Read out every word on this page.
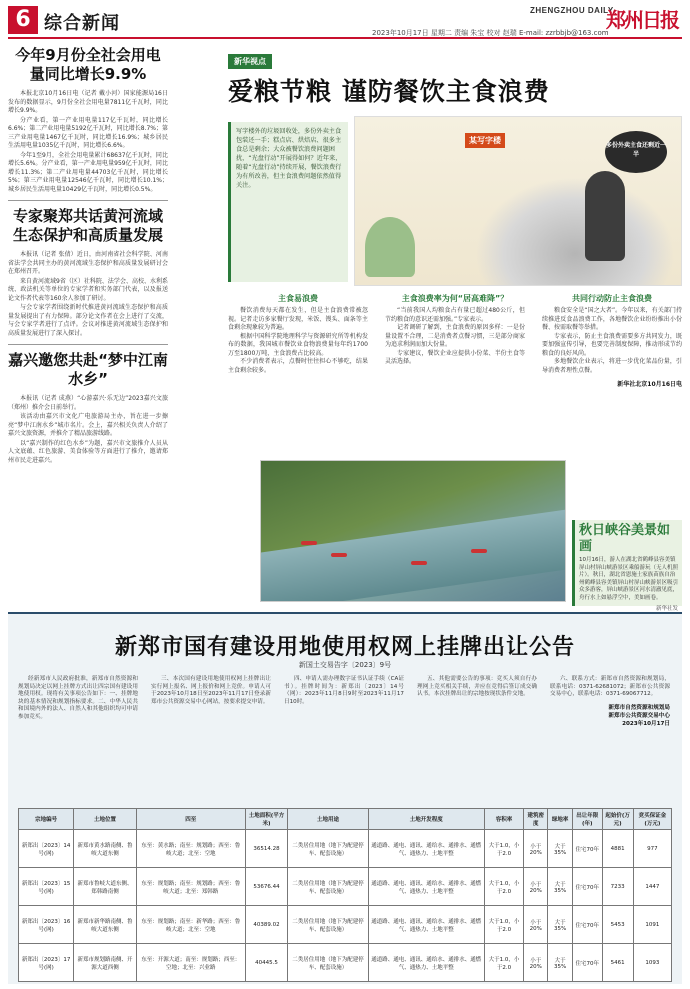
6 综合新闻	2023年10月17日 星期二 责编 朱宝 校对 赵瑞 E-mail: zzrbbjb@163.com
ZHENGZHOU DAILY
郑州日报
今年9月份全社会用电量同比增长9.9%

本报北京10月16日电（记者 戴小河）国家能源局16日发布的数据显示，9月份全社会用电量7811亿千瓦时，同比增长9.9%。

分产业看，第一产业用电量117亿千瓦时，同比增长6.6%；第二产业用电量5192亿千瓦时，同比增长8.7%；第三产业用电量1467亿千瓦时，同比增长16.9%；城乡居民生活用电量1035亿千瓦时，同比增长6.6%。

今年1至9月，全社会用电量累计68637亿千瓦时，同比增长5.6%。分产业看，第一产业用电量959亿千瓦时，同比增长11.3%；第二产业用电量44703亿千瓦时，同比增长5%；第三产业用电量12546亿千瓦时，同比增长10.1%；城乡居民生活用电量10429亿千瓦时，同比增长0.5%。

专家聚郑共话黄河流域生态保护和高质量发展

本报讯（记者 张倩）近日，由河南省社会科学院、河南省法学会共同主办的黄河流域生态保护和高质量发展研讨会在郑州召开。

来自黄河流域9省（区）社科院、法学会、高校、水利系统、政法机关等单位的专家学者和实务部门代表，以及报送论文作者代表等160余人参加了研讨。

与会专家学者围绕新时代推进黄河流域生态保护和高质量发展提出了有力保障。部分论文作者在会上进行了交流，与会专家学者进行了点评。会议对推进黄河流域生态保护和高质量发展进行了深入探讨。

嘉兴邀您共赴“梦中江南水乡”

本报讯（记者 成燕）“心游嘉兴·乐无边”2023嘉兴文旅（郑州）推介会日前举行。

该活动由嘉兴市文化广电旅游局主办，旨在进一步擦亮“梦中江南水乡”城市名片。会上，嘉兴相关负责人介绍了嘉兴文旅资源，并推介了精品旅游线路。

以“嘉兴制作的红色水乡”为题，嘉兴市文旅推介人员从人文底蕴、红色旅游、美食体验等方面进行了推介，邀请郑州市民走进嘉兴。

新华视点
爱粮节粮 谨防餐饮主食浪费
写字楼外的垃圾回收处，多份外卖主食包装还一手；糕点店、烘焙店、很多主食总是剩余；大众被餐饮浪费问题困扰，“光盘行动”开展得如何？近年来，随着“光盘行动”持续开展，餐饮浪费行为有所改善，但主食浪费问题依然值得关注。
某写字楼
多份外卖主食还剩近一半
主食易浪费

餐饮消费每天都在发生，但是主食浪费常被忽视。记者走访多家餐厅发现，米饭、馒头、面条等主食剩余现象较为普遍。

根据中国科学院地理科学与资源研究所等机构发布的数据，我国城市餐饮业食物浪费量每年约1700万至1800万吨，主食浪费占比较高。

不少消费者表示，点餐时往往担心不够吃，结果主食剩余较多。

主食浪费率为何“居高难降”？

“当前我国人均粮食占有量已超过480公斤，但节约粮食的意识还需加强。”专家表示。

记者调研了解到，主食浪费的原因多样：一是份量设置不合理，二是消费者点餐习惯，三是部分商家为追求利润而加大份量。

专家建议，餐饮企业应提供小份菜、半份主食等灵活选择。

共同行动防止主食浪费

粮食安全是“国之大者”。今年以来，有关部门持续推进反食品浪费工作，各地餐饮企业纷纷推出小份餐、按需取餐等举措。

专家表示，防止主食浪费需要多方共同发力，既要加强宣传引导，也要完善制度保障，推动形成节约粮食的良好风尚。

多地餐饮企业表示，将进一步优化菜品份量，引导消费者理性点餐。

新华社北京10月16日电
秋日峡谷美景如画
10月16日，游人在湖北省鹤峰县容美镇屏山村屏山峡游景区乘船游玩（无人机照片）。秋日，湖北省恩施土家族苗族自治州鹤峰县容美镇屏山村屏山峡游景区吸引众多游客，屏山峡游景区河水清澈见底，舟行水上如悬浮空中，美如画卷。
新华社发
新郑市国有建设用地使用权网上挂牌出让公告
新国土交易告字〔2023〕9号

经新郑市人民政府批准，新郑市自然资源和规划局决定以网上挂牌方式出让四宗国有建设用地使用权。现将有关事项公告如下：一、挂牌地块的基本情况和规划指标要求。二、中华人民共和国境内外的法人、自然人和其他组织均可申请参加竞买。

三、本次国有建设用地使用权网上挂牌出让实行网上报名、网上报价和网上竞价。申请人可于2023年10月18日至2023年11月17日登录新郑市公共资源交易中心网站，按要求提交申请。

四、申请人需办理数字证书认证手续（CA证书）。挂牌时间为：新郑出〔2023〕14号（网）：2023年11月8日9时至2023年11月17日10时。

五、其他需要公告的事项：竞买人须自行办理网上竞买相关手续，并应在竞得后签订成交确认书。本次挂牌出让的宗地按现状条件交地。

六、联系方式：新郑市自然资源和规划局，联系电话：0371-62681072；新郑市公共资源交易中心，联系电话：0371-69067712。

新郑市自然资源和规划局
新郑市公共资源交易中心
2023年10月17日
宗地编号	土地位置	四至	土地面积(平方米)	土地用途	土地开发程度	容积率	建筑密度	绿地率	出让年限(年)	起始价(万元)	竞买保证金(万元)
新郑出〔2023〕14号(网)	新郑市黄水路南侧、鲁岐大道东侧	东至：黄水路；南至：规划路；西至：鲁岐大道；北至：空地	36514.28	二类居住用地（地下为配建停车、配套设施）	通道路、通电、通讯、通给水、通排水、通燃气、通热力、土地平整	大于1.0，小于2.0	小于20%	大于35%	住宅70年	4881	977
新郑出〔2023〕15号(网)	新郑市鲁岐大道东侧、郑韩路南侧	东至：规划路；南至：规划路；西至：鲁岐大道；北至：郑韩路	53676.44	二类居住用地（地下为配建停车、配套设施）	通道路、通电、通讯、通给水、通排水、通燃气、通热力、土地平整	大于1.0，小于2.0	小于20%	大于35%	住宅70年	7233	1447
新郑出〔2023〕16号(网)	新郑市新华路南侧、鲁岐大道东侧	东至：规划路；南至：新华路；西至：鲁岐大道；北至：空地	40389.02	二类居住用地（地下为配建停车、配套设施）	通道路、通电、通讯、通给水、通排水、通燃气、通热力、土地平整	大于1.0，小于2.0	小于20%	大于35%	住宅70年	5453	1091
新郑出〔2023〕17号(网)	新郑市规划路南侧、开源大道西侧	东至：开源大道；南至：规划路；西至：空地；北至：兴业路	40445.5	二类居住用地（地下为配建停车、配套设施）	通道路、通电、通讯、通给水、通排水、通燃气、通热力、土地平整	大于1.0，小于2.0	小于20%	大于35%	住宅70年	5461	1093
